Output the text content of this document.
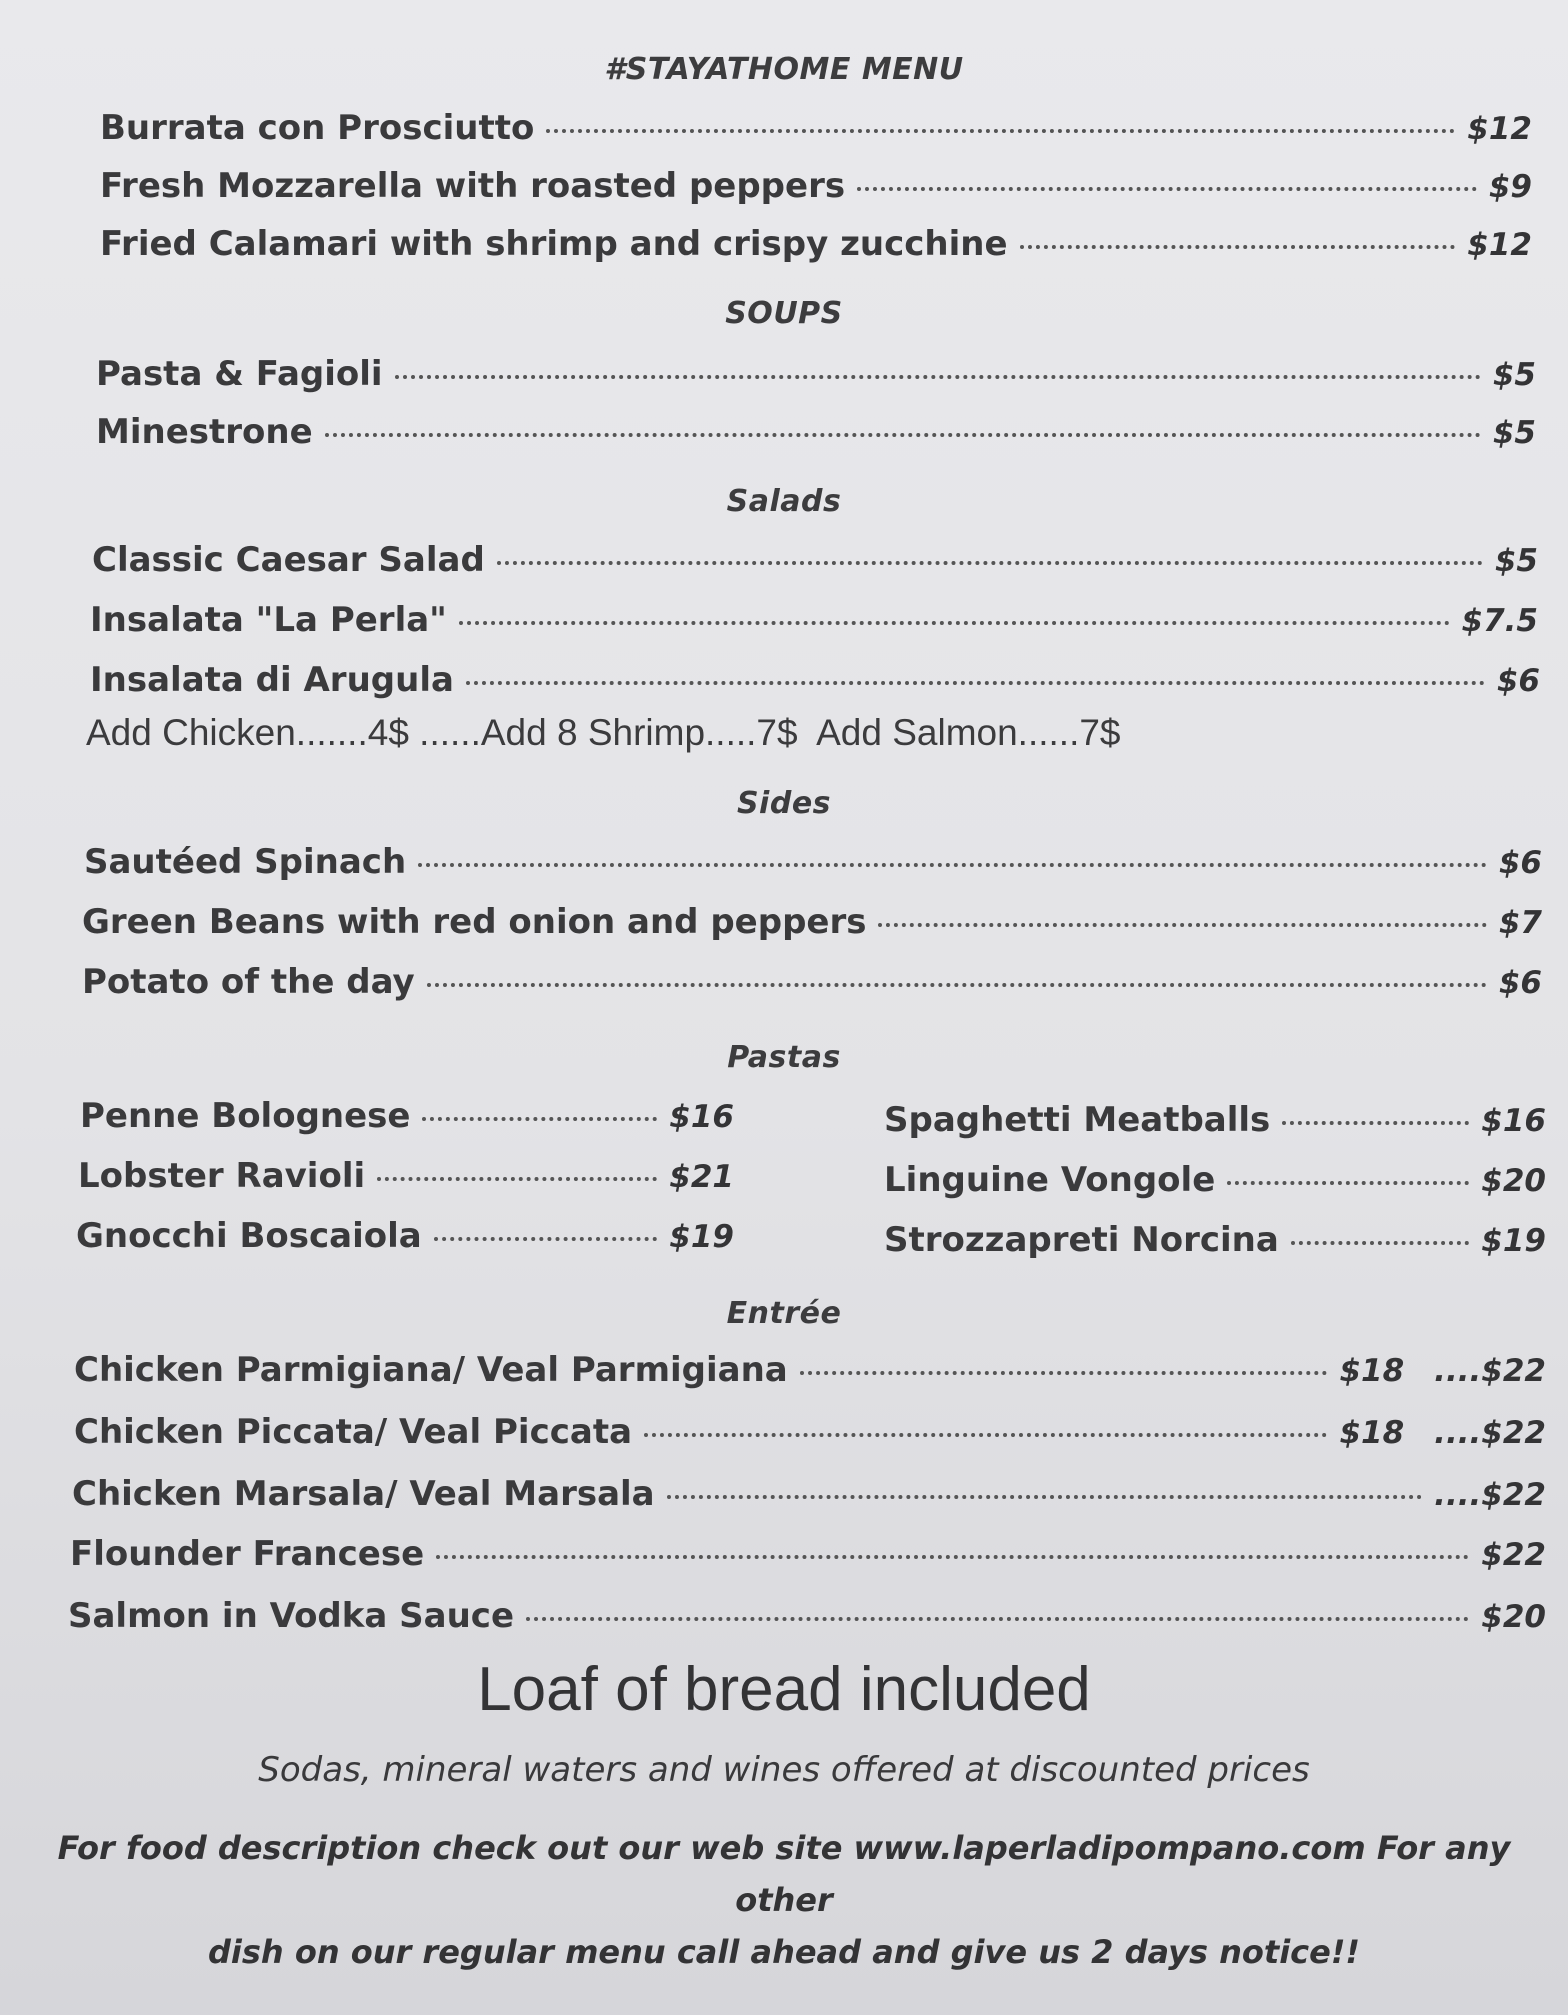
#STAYATHOME MENU
Burrata con Prosciutto	$12
Fresh Mozzarella with roasted peppers	$9
Fried Calamari with shrimp and crispy zucchine	$12
SOUPS
Pasta & Fagioli	$5
Minestrone	$5
Salads
Classic Caesar Salad	$5
Insalata "La Perla"	$7.5
Insalata di Arugula	$6
Add Chicken.......4$ ......Add 8 Shrimp.....7$  Add Salmon......7$
Sides
Sautéed Spinach	$6
Green Beans with red onion and peppers	$7
Potato of the day	$6
Pastas
Penne Bolognese	$16
Lobster Ravioli	$21
Gnocchi Boscaiola	$19
Spaghetti Meatballs	$16
Linguine Vongole	$20
Strozzapreti Norcina	$19
Entrée
Chicken Parmigiana/ Veal Parmigiana	$18 ....$22
Chicken Piccata/ Veal Piccata	$18 ....$22
Chicken Marsala/ Veal Marsala	....$22
Flounder Francese	$22
Salmon in Vodka Sauce	$20
Loaf of bread included
Sodas, mineral waters and wines offered at discounted prices
For food description check out our web site www.laperladipompano.com For any other
dish on our regular menu call ahead and give us 2 days notice!!
